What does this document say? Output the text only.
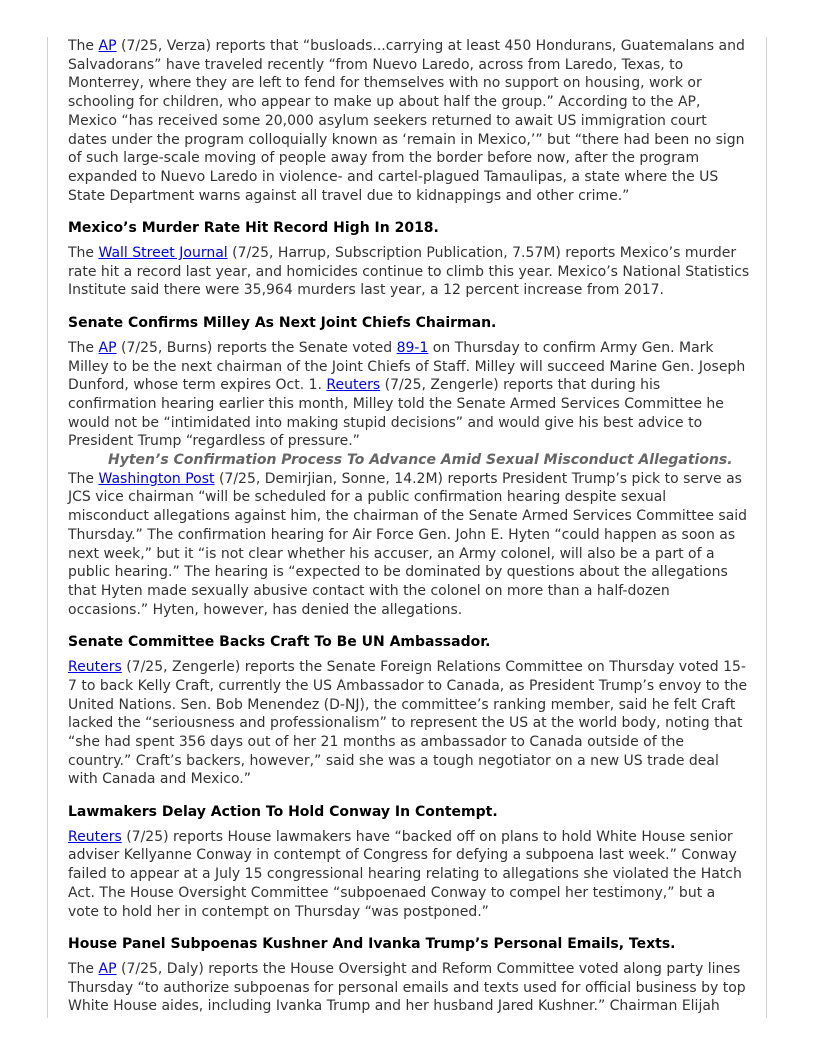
The AP (7/25, Verza) reports that “busloads...carrying at least 450 Hondurans, Guatemalans and Salvadorans” have traveled recently “from Nuevo Laredo, across from Laredo, Texas, to Monterrey, where they are left to fend for themselves with no support on housing, work or schooling for children, who appear to make up about half the group.” According to the AP, Mexico “has received some 20,000 asylum seekers returned to await US immigration court dates under the program colloquially known as ‘remain in Mexico,’” but “there had been no sign of such large-scale moving of people away from the border before now, after the program expanded to Nuevo Laredo in violence- and cartel-plagued Tamaulipas, a state where the US State Department warns against all travel due to kidnappings and other crime.”

Mexico’s Murder Rate Hit Record High In 2018.

The Wall Street Journal (7/25, Harrup, Subscription Publication, 7.57M) reports Mexico’s murder rate hit a record last year, and homicides continue to climb this year. Mexico’s National Statistics Institute said there were 35,964 murders last year, a 12 percent increase from 2017.

Senate Confirms Milley As Next Joint Chiefs Chairman.

The AP (7/25, Burns) reports the Senate voted 89-1 on Thursday to confirm Army Gen. Mark Milley to be the next chairman of the Joint Chiefs of Staff. Milley will succeed Marine Gen. Joseph Dunford, whose term expires Oct. 1. Reuters (7/25, Zengerle) reports that during his confirmation hearing earlier this month, Milley told the Senate Armed Services Committee he would not be “intimidated into making stupid decisions” and would give his best advice to President Trump “regardless of pressure.”

Hyten’s Confirmation Process To Advance Amid Sexual Misconduct Allegations.

The Washington Post (7/25, Demirjian, Sonne, 14.2M) reports President Trump’s pick to serve as JCS vice chairman “will be scheduled for a public confirmation hearing despite sexual misconduct allegations against him, the chairman of the Senate Armed Services Committee said Thursday.” The confirmation hearing for Air Force Gen. John E. Hyten “could happen as soon as next week,” but it “is not clear whether his accuser, an Army colonel, will also be a part of a public hearing.” The hearing is “expected to be dominated by questions about the allegations that Hyten made sexually abusive contact with the colonel on more than a half-dozen occasions.” Hyten, however, has denied the allegations.

Senate Committee Backs Craft To Be UN Ambassador.

Reuters (7/25, Zengerle) reports the Senate Foreign Relations Committee on Thursday voted 15-7 to back Kelly Craft, currently the US Ambassador to Canada, as President Trump’s envoy to the United Nations. Sen. Bob Menendez (D-NJ), the committee’s ranking member, said he felt Craft lacked the “seriousness and professionalism” to represent the US at the world body, noting that “she had spent 356 days out of her 21 months as ambassador to Canada outside of the country.” Craft’s backers, however,” said she was a tough negotiator on a new US trade deal with Canada and Mexico.”

Lawmakers Delay Action To Hold Conway In Contempt.

Reuters (7/25) reports House lawmakers have “backed off on plans to hold White House senior adviser Kellyanne Conway in contempt of Congress for defying a subpoena last week.” Conway failed to appear at a July 15 congressional hearing relating to allegations she violated the Hatch Act. The House Oversight Committee “subpoenaed Conway to compel her testimony,” but a vote to hold her in contempt on Thursday “was postponed.”

House Panel Subpoenas Kushner And Ivanka Trump’s Personal Emails, Texts.

The AP (7/25, Daly) reports the House Oversight and Reform Committee voted along party lines Thursday “to authorize subpoenas for personal emails and texts used for official business by top White House aides, including Ivanka Trump and her husband Jared Kushner.” Chairman Elijah
